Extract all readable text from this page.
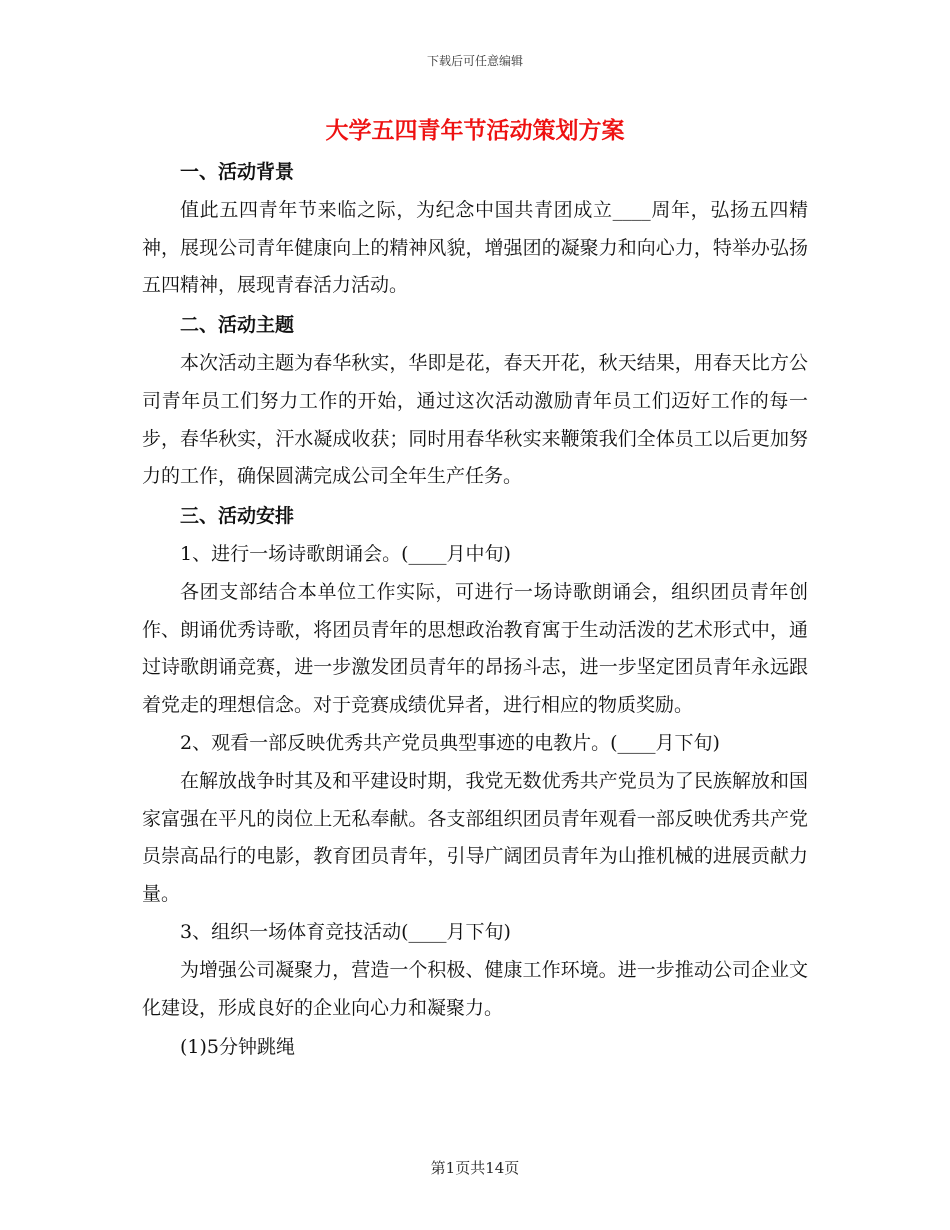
下载后可任意编辑
大学五四青年节活动策划方案

一、活动背景

值此五四青年节来临之际，为纪念中国共青团成立____周年，弘扬五四精神，展现公司青年健康向上的精神风貌，增强团的凝聚力和向心力，特举办弘扬五四精神，展现青春活力活动。

二、活动主题

本次活动主题为春华秋实，华即是花，春天开花，秋天结果，用春天比方公司青年员工们努力工作的开始，通过这次活动激励青年员工们迈好工作的每一步，春华秋实，汗水凝成收获；同时用春华秋实来鞭策我们全体员工以后更加努力的工作，确保圆满完成公司全年生产任务。

三、活动安排

1、进行一场诗歌朗诵会。(____月中旬)

各团支部结合本单位工作实际，可进行一场诗歌朗诵会，组织团员青年创作、朗诵优秀诗歌，将团员青年的思想政治教育寓于生动活泼的艺术形式中，通过诗歌朗诵竞赛，进一步激发团员青年的昂扬斗志，进一步坚定团员青年永远跟着党走的理想信念。对于竞赛成绩优异者，进行相应的物质奖励。

2、观看一部反映优秀共产党员典型事迹的电教片。(____月下旬)

在解放战争时其及和平建设时期，我党无数优秀共产党员为了民族解放和国家富强在平凡的岗位上无私奉献。各支部组织团员青年观看一部反映优秀共产党员崇高品行的电影，教育团员青年，引导广阔团员青年为山推机械的进展贡献力量。

3、组织一场体育竞技活动(____月下旬)

为增强公司凝聚力，营造一个积极、健康工作环境。进一步推动公司企业文化建设，形成良好的企业向心力和凝聚力。

(1)5分钟跳绳

第1页共14页
